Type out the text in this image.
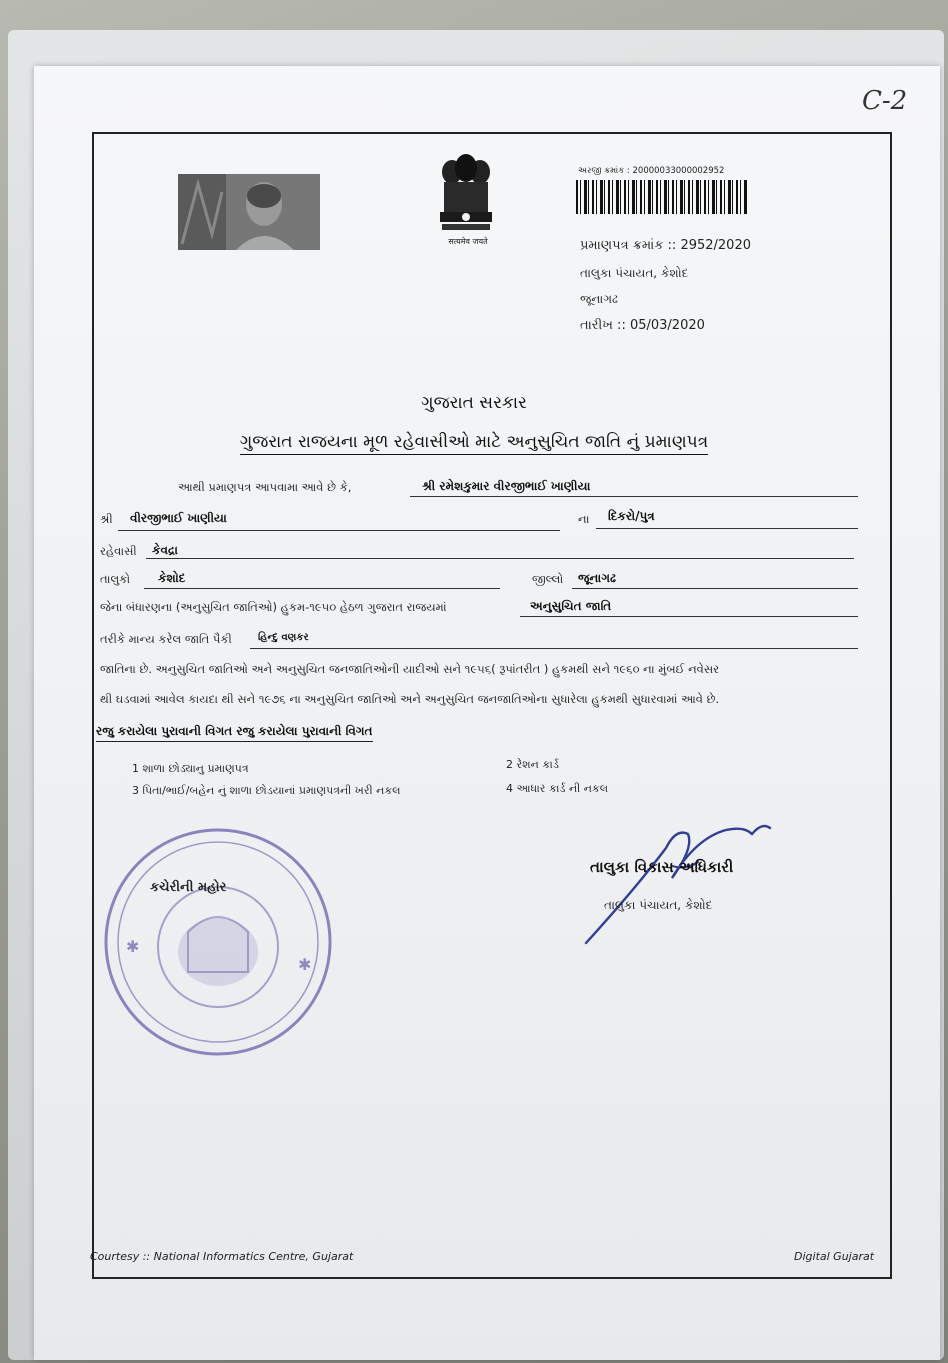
C-2
सत्यमेव जयते
અરજી ક્રમાંક : 20000033000002952
પ્રમાણપત્ર ક્રમાંક :: 2952/2020
તાલુકા પંચાયત, કેશોદ
જૂનાગઢ
તારીખ :: 05/03/2020
ગુજરાત સરકાર
ગુજરાત રાજયના મૂળ રહેવાસીઓ માટે અનુસુચિત જાતિ નું પ્રમાણપત્ર
આથી પ્રમાણપત્ર આપવામા આવે છે કે,	શ્રી રમેશકુમાર વીરજીભાઈ ખાણીયા
શ્રી વીરજીભાઈ ખાણીયા	ના દિકરો/પુત્ર
રહેવાસી કેવદ્રા
તાલુકો કેશોદ	જીલ્લો જૂનાગઢ
જેના બંધારણના (અનુસુચિત જાતિઓ) હુકમ-૧૯૫૦ હેઠળ ગુજરાત રાજયમાં	અનુસુચિત જાતિ
તરીકે માન્ય કરેલ જાતિ પૈકી	હિન્દુ વણકર
જાતિના છે. અનુસુચિત જાતિઓ અને અનુસુચિત જનજાતિઓની યાદીઓ સને ૧૯૫૬( રૂપાંતરીત ) હુકમથી સને ૧૯૬૦ ના મુંબઈ નવેસર
થી ઘડવામાં આવેલ કાયદા થી સને ૧૯૭૬ ના અનુસુચિત જાતિઓ અને અનુસુચિત જનજાતિઓના સુધારેલા હુકમથી સુધારવામાં આવે છે.
રજુ કરાયેલા પુરાવાની વિગત રજુ કરાયેલા પુરાવાની વિગત
1 શાળા છોડ્યાનુ પ્રમાણપત્ર	2 રેશન કાર્ડ
3 પિતા/ભાઈ/બહેન નું શાળા છોડયાનાં પ્રમાણપત્રની ખરી નકલ	4 આધાર કાર્ડ ની નકલ
✱
✱
કચેરીની મહોર
તાલુકા વિકાસ અધિકારી
તાલુકા પંચાયત, કેશોદ
Courtesy :: National Informatics Centre, Gujarat	Digital Gujarat
